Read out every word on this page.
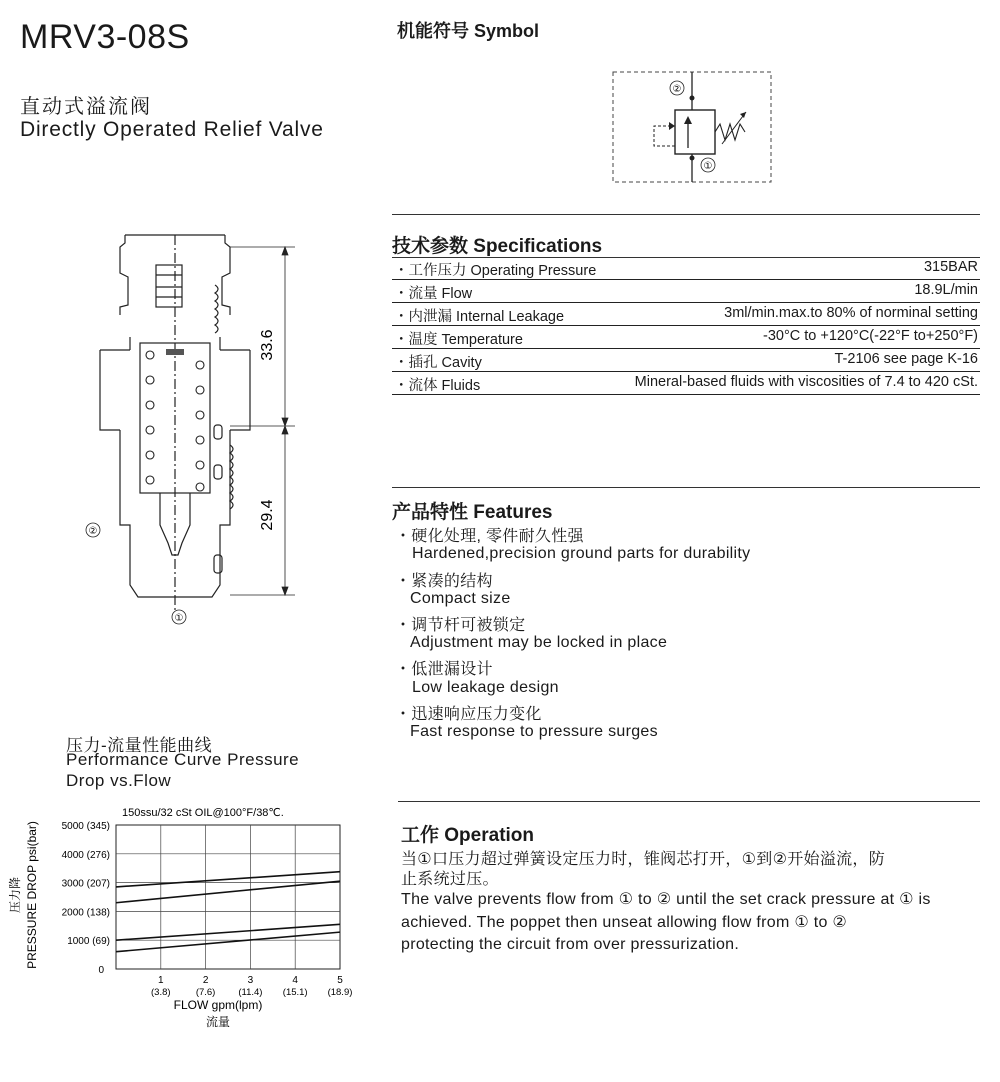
MRV3-08S
直动式溢流阀
Directly Operated Relief Valve
机能符号 Symbol
②
①
33.6
29.4
②
①
技术参数 Specifications
・工作压力 Operating Pressure	315BAR
・流量 Flow	18.9L/min
・内泄漏 Internal Leakage	3ml/min.max.to 80% of norminal setting
・温度 Temperature	-30°C to +120°C(-22°F to+250°F)
・插孔 Cavity	T-2106 see page K-16
・流体 Fluids	Mineral-based fluids with viscosities of 7.4 to 420 cSt.
产品特性 Features
・硬化处理, 零件耐久性强
Hardened,precision ground parts for durability
・紧凑的结构
Compact size
・调节杆可被锁定
Adjustment may be locked in place
・低泄漏设计
Low leakage design
・迅速响应压力变化
Fast response to pressure surges
工作 Operation
当①口压力超过弹簧设定压力时，锥阀芯打开，①到②开始溢流，防
止系统过压。
The valve prevents flow from ① to ② until the set crack pressure at ① is
achieved. The poppet then unseat allowing flow from ① to ②
protecting the circuit from over pressurization.
压力-流量性能曲线
Performance Curve Pressure
Drop vs.Flow
150ssu/32 cSt OIL@100°F/38℃.
1
(3.8)
2
(7.6)
3
(11.4)
4
(15.1)
5
(18.9)
0
1000 (69)
2000 (138)
3000 (207)
4000 (276)
5000 (345)
FLOW gpm(lpm)
流量
PRESSURE DROP psi(bar)
压力降
